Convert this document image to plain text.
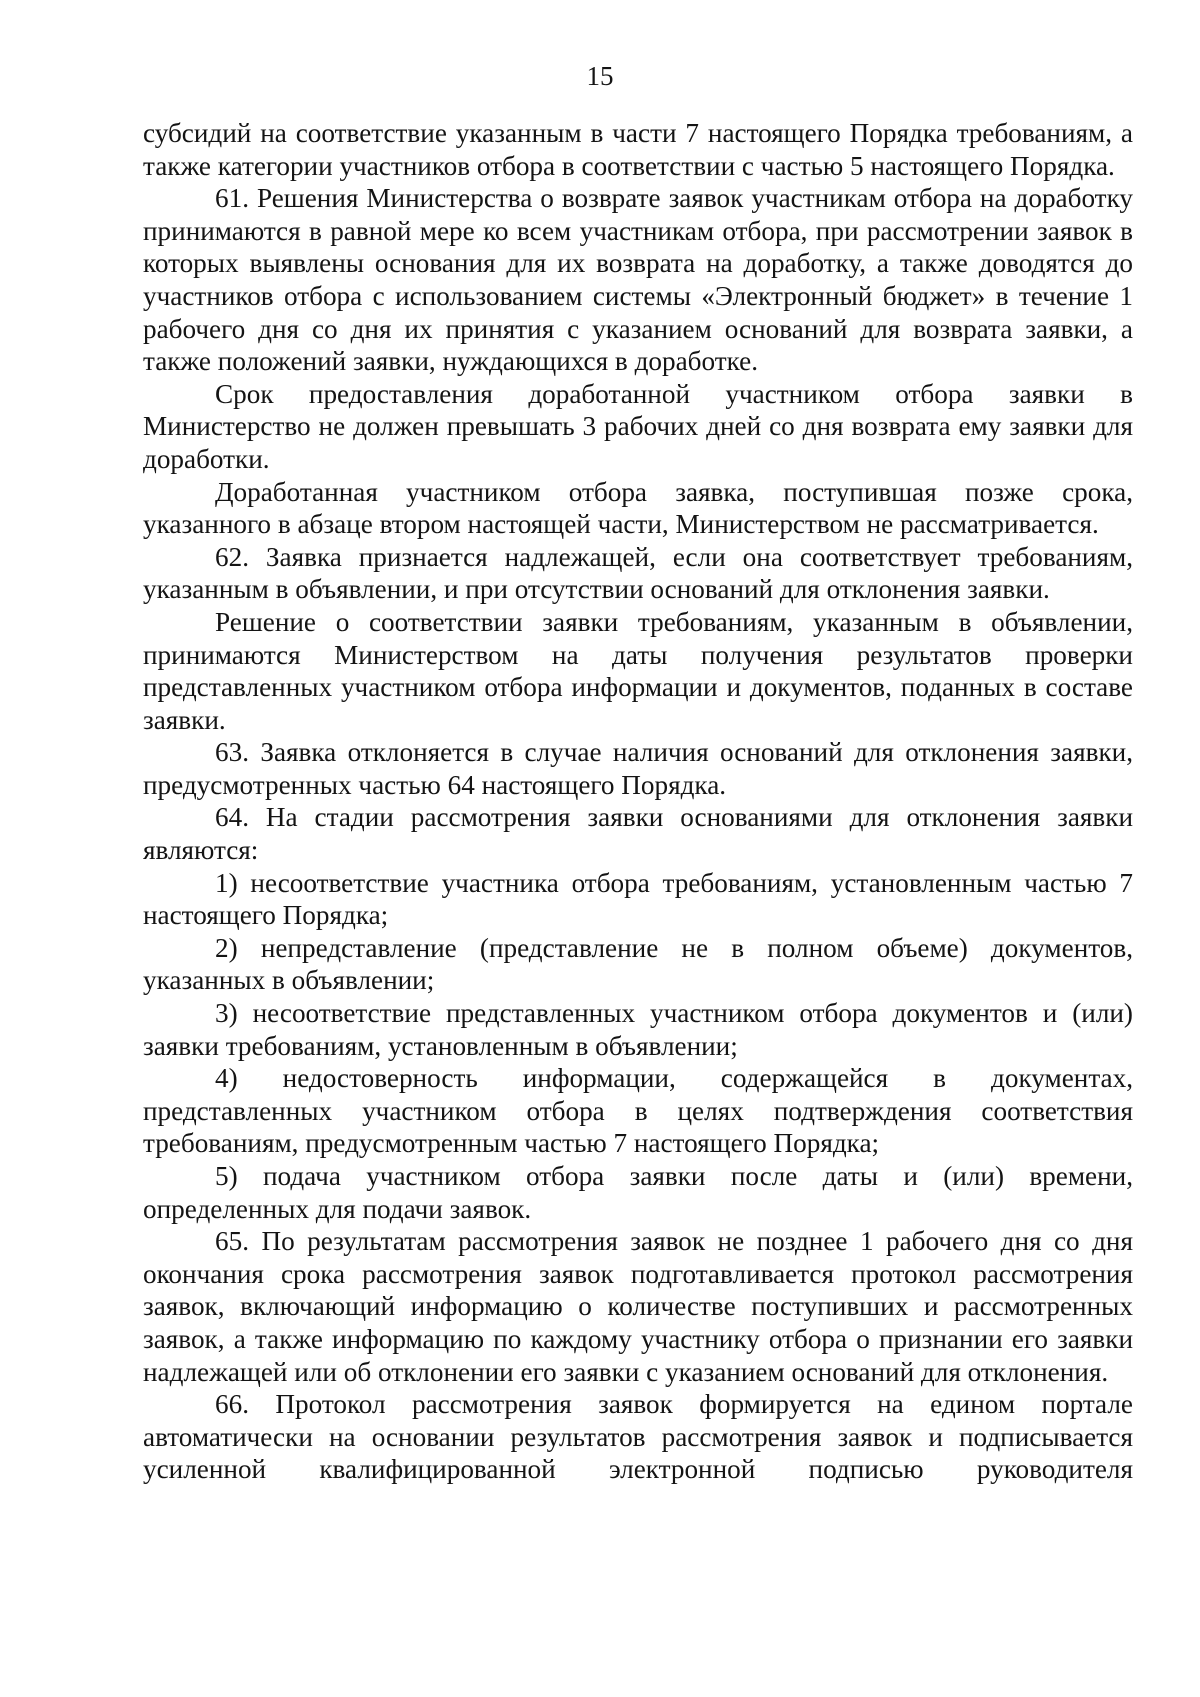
15

субсидий на соответствие указанным в части 7 настоящего Порядка требованиям, а также категории участников отбора в соответствии с частью 5 настоящего Порядка.

61. Решения Министерства о возврате заявок участникам отбора на доработку принимаются в равной мере ко всем участникам отбора, при рассмотрении заявок в которых выявлены основания для их возврата на доработку, а также доводятся до участников отбора с использованием системы «Электронный бюджет» в течение 1 рабочего дня со дня их принятия с указанием оснований для возврата заявки, а также положений заявки, нуждающихся в доработке.

Срок предоставления доработанной участником отбора заявки в Министерство не должен превышать 3 рабочих дней со дня возврата ему заявки для доработки.

Доработанная участником отбора заявка, поступившая позже срока, указанного в абзаце втором настоящей части, Министерством не рассматривается.

62. Заявка признается надлежащей, если она соответствует требованиям, указанным в объявлении, и при отсутствии оснований для отклонения заявки.

Решение о соответствии заявки требованиям, указанным в объявлении, принимаются Министерством на даты получения результатов проверки представленных участником отбора информации и документов, поданных в составе заявки.

63. Заявка отклоняется в случае наличия оснований для отклонения заявки, предусмотренных частью 64 настоящего Порядка.

64. На стадии рассмотрения заявки основаниями для отклонения заявки являются:

1) несоответствие участника отбора требованиям, установленным частью 7 настоящего Порядка;

2) непредставление (представление не в полном объеме) документов, указанных в объявлении;

3) несоответствие представленных участником отбора документов и (или) заявки требованиям, установленным в объявлении;

4) недостоверность информации, содержащейся в документах, представленных участником отбора в целях подтверждения соответствия требованиям, предусмотренным частью 7 настоящего Порядка;

5) подача участником отбора заявки после даты и (или) времени, определенных для подачи заявок.

65. По результатам рассмотрения заявок не позднее 1 рабочего дня со дня окончания срока рассмотрения заявок подготавливается протокол рассмотрения заявок, включающий информацию о количестве поступивших и рассмотренных заявок, а также информацию по каждому участнику отбора о признании его заявки надлежащей или об отклонении его заявки с указанием оснований для отклонения.

66. Протокол рассмотрения заявок формируется на едином портале автоматически на основании результатов рассмотрения заявок и подписывается усиленной квалифицированной электронной подписью руководителя
